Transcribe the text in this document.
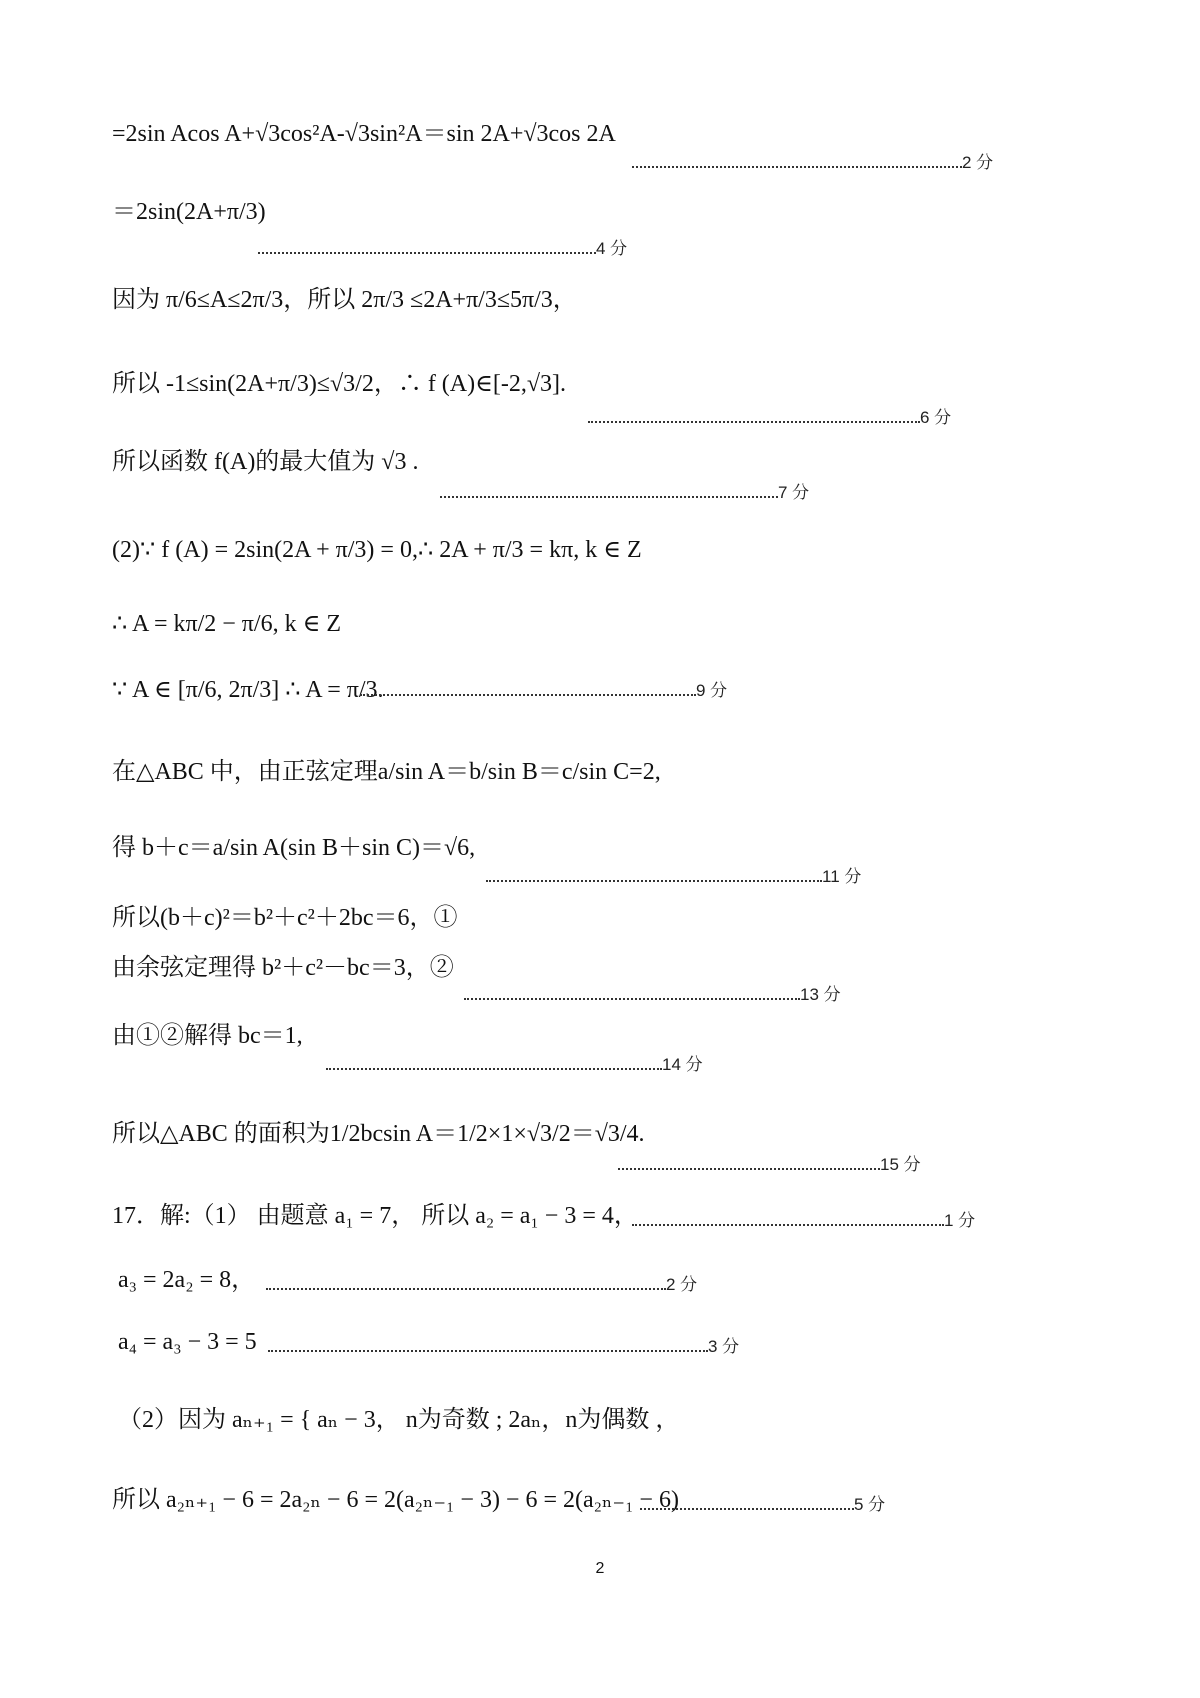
=2sin Acos A+√3cos²A-√3sin²A＝sin 2A+√3cos 2A
2 分
＝2sin(2A+π/3)
4 分
因为 π/6≤A≤2π/3，所以 2π/3 ≤2A+π/3≤5π/3，
所以 -1≤sin(2A+π/3)≤√3/2，∴ f (A)∈[-2,√3].
6 分
所以函数 f(A)的最大值为 √3 .
7 分
(2)∵ f (A) = 2sin(2A + π/3) = 0,∴ 2A + π/3 = kπ, k ∈ Z
∴ A = kπ/2 − π/6, k ∈ Z
∵ A ∈ [π/6, 2π/3] ∴ A = π/3.	9 分
在△ABC 中，由正弦定理a/sin A＝b/sin B＝c/sin C=2,
得 b＋c＝a/sin A(sin B＋sin C)＝√6,
11 分
所以(b＋c)²＝b²＋c²＋2bc＝6，①
由余弦定理得 b²＋c²－bc＝3，②
13 分
由①②解得 bc＝1,
14 分
所以△ABC 的面积为1/2bcsin A＝1/2×1×√3/2＝√3/4.
15 分
17．解:（1） 由题意 a₁ = 7， 所以 a₂ = a₁ − 3 = 4，	1 分
a₃ = 2a₂ = 8，	2 分
a₄ = a₃ − 3 = 5	3 分
（2）因为 aₙ₊₁ = { aₙ − 3， n为奇数 ; 2aₙ，n为偶数 ，
所以 a₂ₙ₊₁ − 6 = 2a₂ₙ − 6 = 2(a₂ₙ₋₁ − 3) − 6 = 2(a₂ₙ₋₁ − 6)	5 分
2
